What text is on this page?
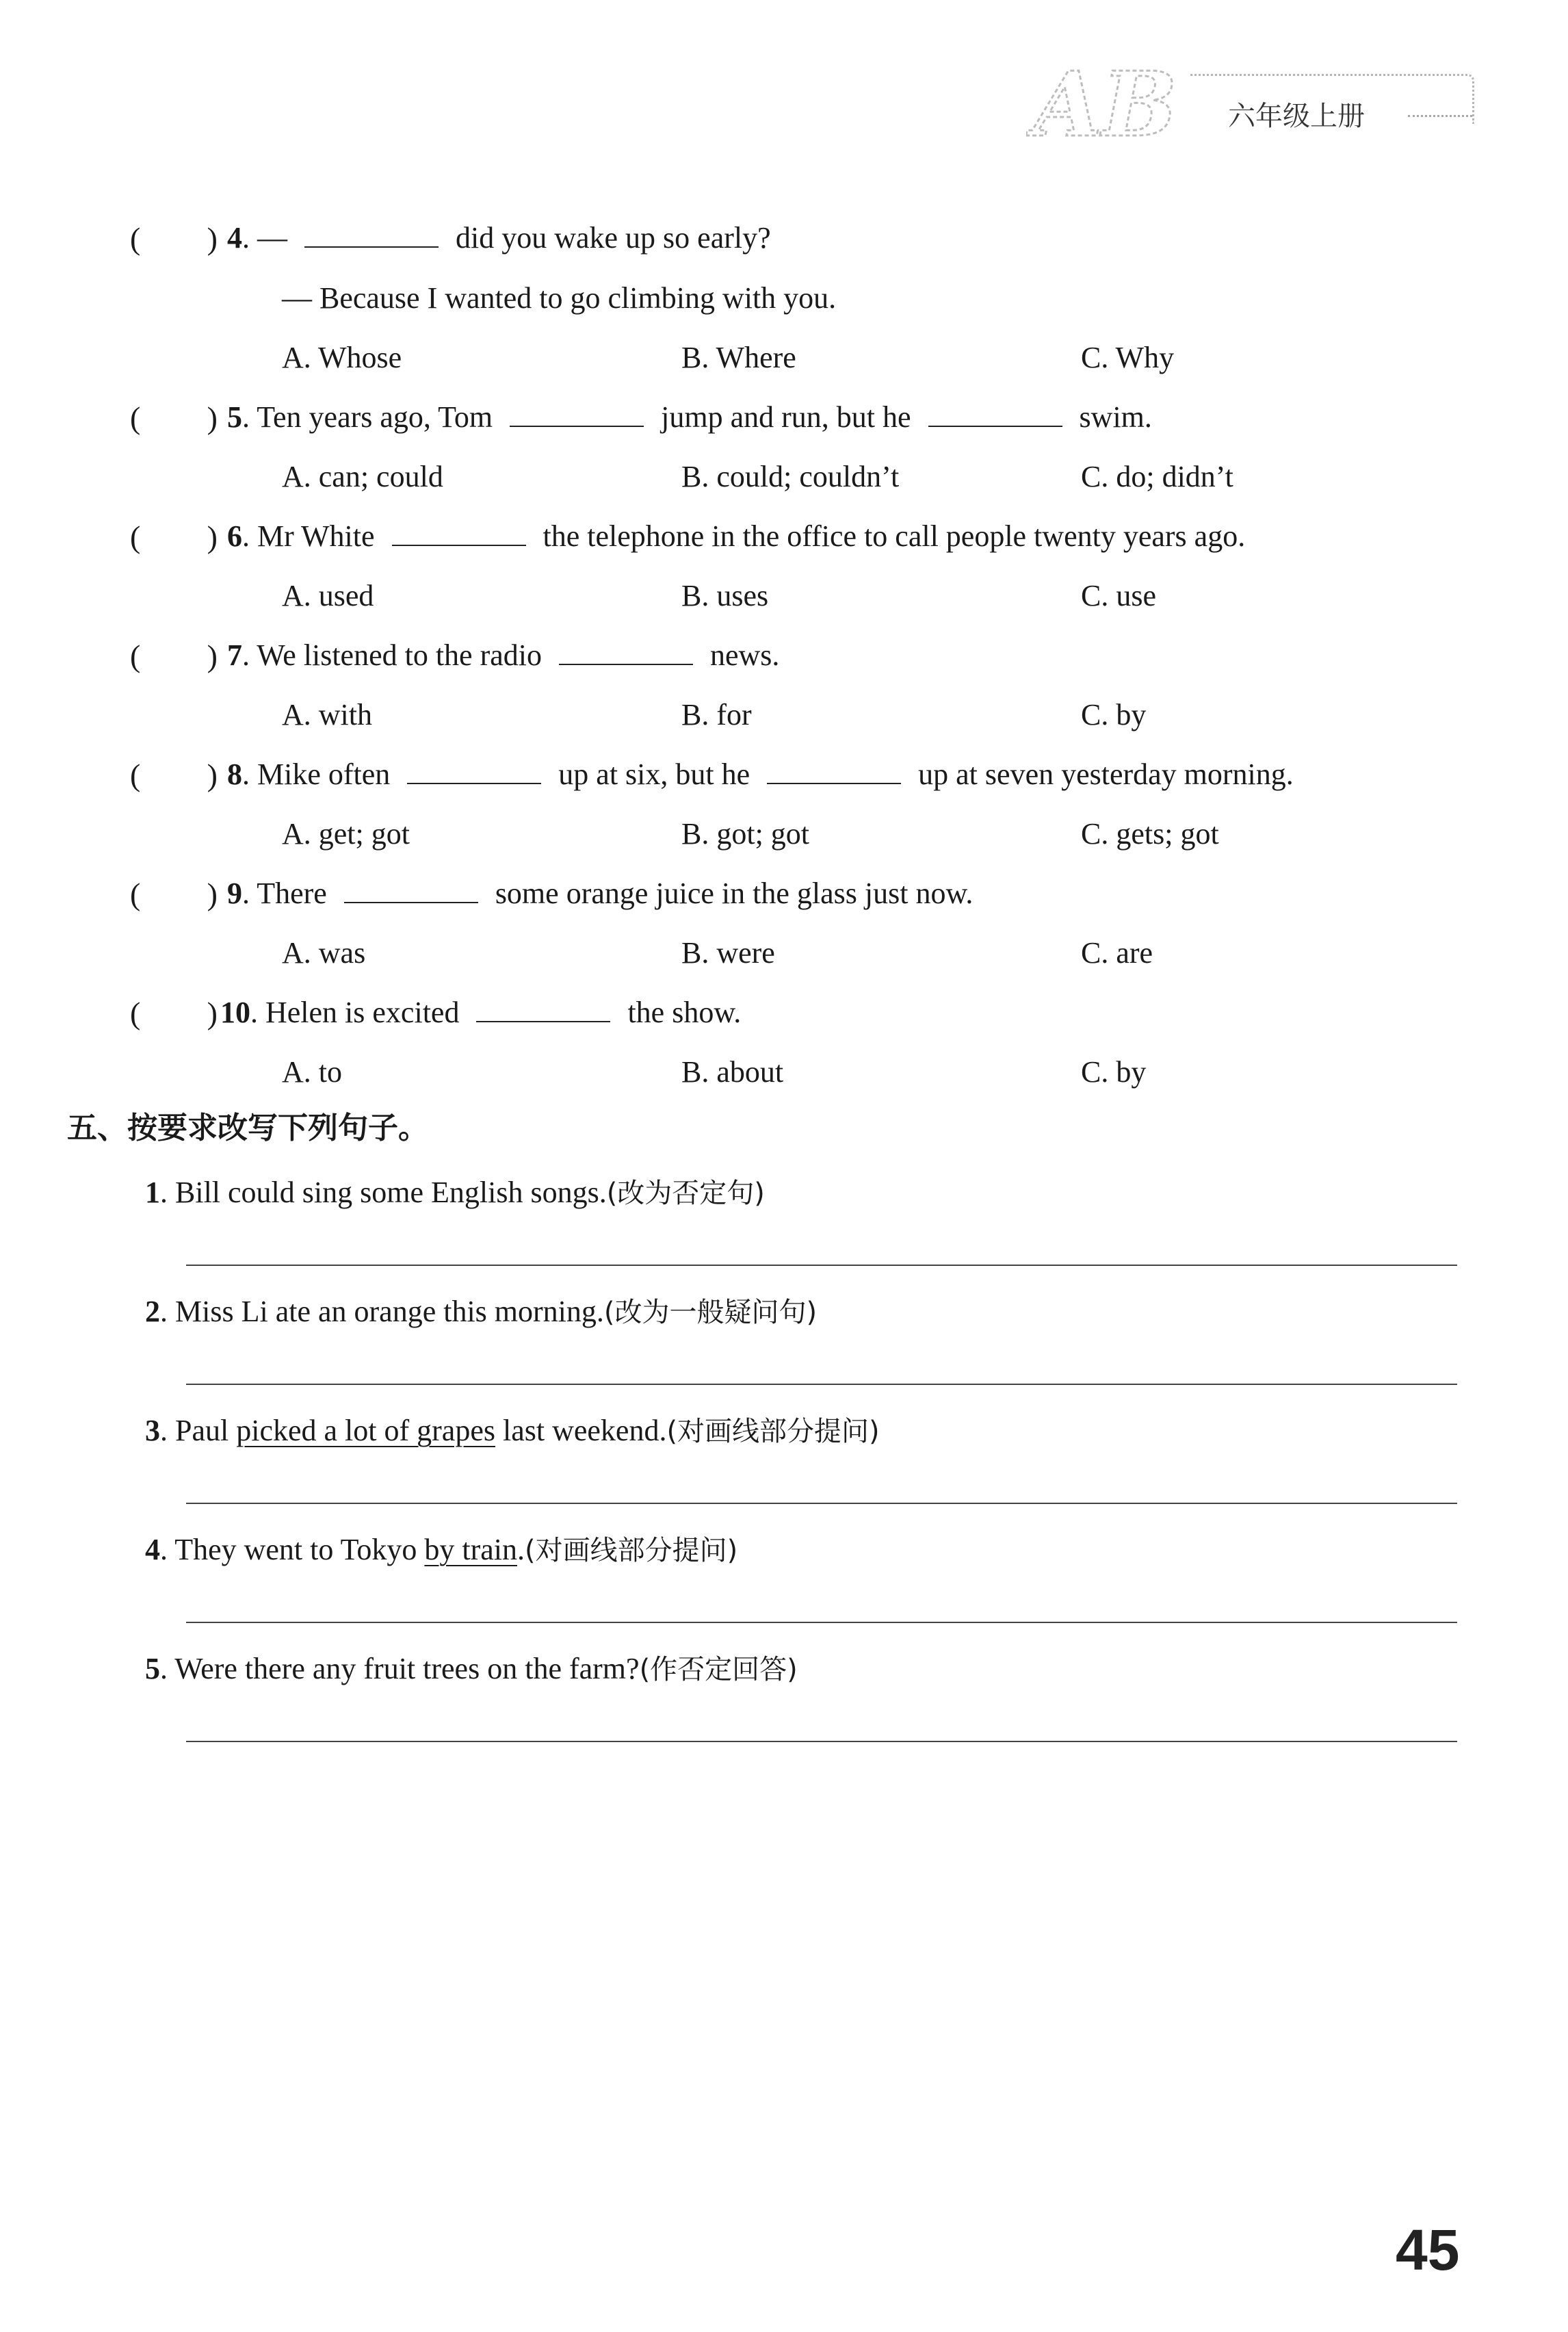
AB 六年级上册
( ) 4. —	did you wake up so early?
— Because I wanted to go climbing with you.
A. Whose	B. Where	C. Why
( ) 5. Ten years ago, Tom	jump and run, but he	swim.
A. can; could	B. could; couldn’t	C. do; didn’t
( ) 6. Mr White	the telephone in the office to call people twenty years ago.
A. used	B. uses	C. use
( ) 7. We listened to the radio	news.
A. with	B. for	C. by
( ) 8. Mike often	up at six, but he	up at seven yesterday morning.
A. get; got	B. got; got	C. gets; got
( ) 9. There	some orange juice in the glass just now.
A. was	B. were	C. are
( ) 10. Helen is excited	the show.
A. to	B. about	C. by
五、按要求改写下列句子。
1. Bill could sing some English songs.(改为否定句)
2. Miss Li ate an orange this morning.(改为一般疑问句)
3. Paul picked a lot of grapes last weekend.(对画线部分提问)
4. They went to Tokyo by train.(对画线部分提问)
5. Were there any fruit trees on the farm?(作否定回答)
45
